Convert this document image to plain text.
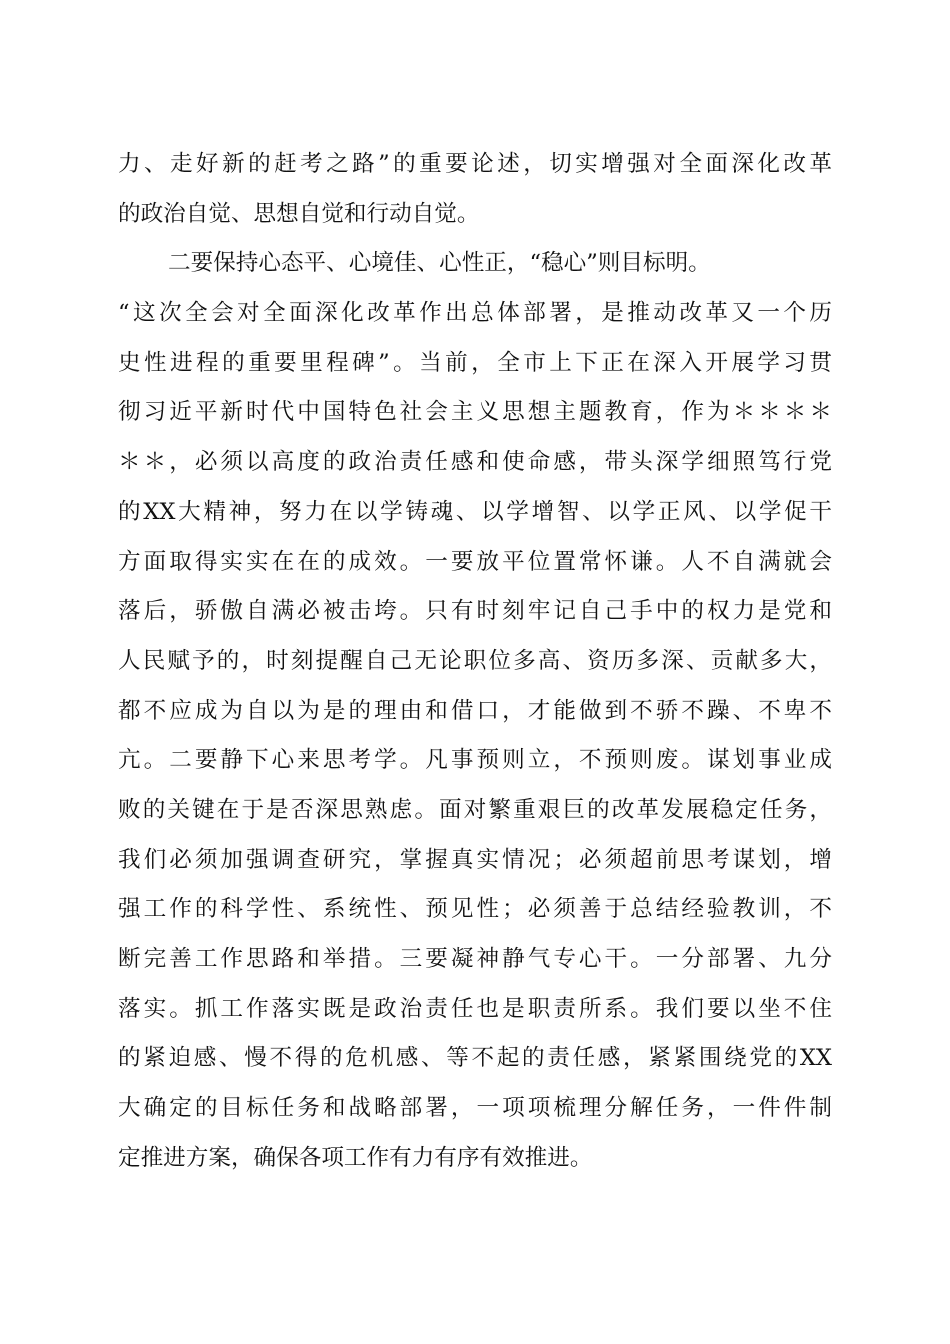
力、走好新的赶考之路”的重要论述，切实增强对全面深化改革
的政治自觉、思想自觉和行动自觉。
二要保持心态平、心境佳、心性正，“稳心”则目标明。
“这次全会对全面深化改革作出总体部署，是推动改革又一个历
史性进程的重要里程碑”。当前，全市上下正在深入开展学习贯
彻习近平新时代中国特色社会主义思想主题教育，作为＊＊＊＊
＊＊，必须以高度的政治责任感和使命感，带头深学细照笃行党
的XX大精神，努力在以学铸魂、以学增智、以学正风、以学促干
方面取得实实在在的成效。一要放平位置常怀谦。人不自满就会
落后，骄傲自满必被击垮。只有时刻牢记自己手中的权力是党和
人民赋予的，时刻提醒自己无论职位多高、资历多深、贡献多大，
都不应成为自以为是的理由和借口，才能做到不骄不躁、不卑不
亢。二要静下心来思考学。凡事预则立，不预则废。谋划事业成
败的关键在于是否深思熟虑。面对繁重艰巨的改革发展稳定任务，
我们必须加强调查研究，掌握真实情况；必须超前思考谋划，增
强工作的科学性、系统性、预见性；必须善于总结经验教训，不
断完善工作思路和举措。三要凝神静气专心干。一分部署、九分
落实。抓工作落实既是政治责任也是职责所系。我们要以坐不住
的紧迫感、慢不得的危机感、等不起的责任感，紧紧围绕党的XX
大确定的目标任务和战略部署，一项项梳理分解任务，一件件制
定推进方案，确保各项工作有力有序有效推进。
